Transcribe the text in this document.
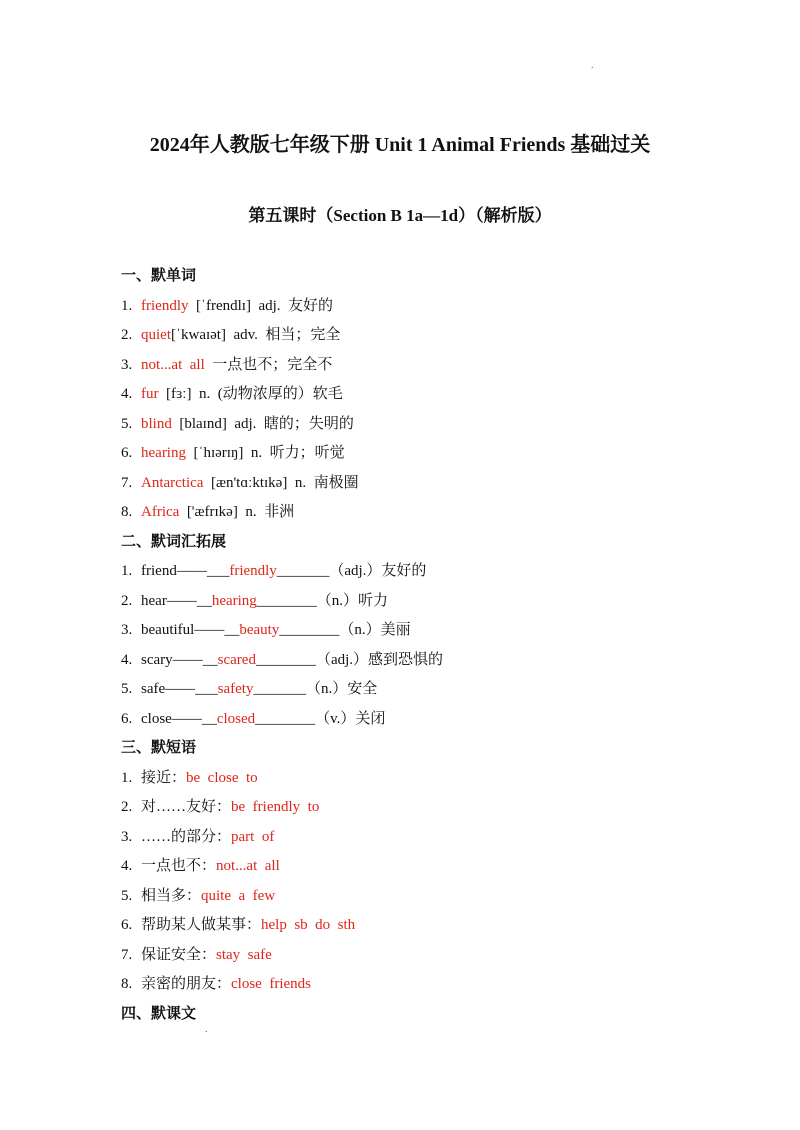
.
2024年人教版七年级下册 Unit 1 Animal Friends 基础过关
第五课时（Section B 1a—1d）（解析版）
一、默单词
1. friendly  [ˈfrendlɪ]  adj.  友好的
2. quiet[ˈkwaɪət]  adv.  相当；完全
3. not...at  all  一点也不；完全不
4. fur  [fɜː]  n.  (动物浓厚的）软毛
5. blind  [blaɪnd]  adj.  瞎的；失明的
6. hearing  [ˈhɪərɪŋ]  n.  听力；听觉
7. Antarctica  [æn'tɑːktɪkə]  n.  南极圈
8. Africa  ['æfrɪkə]  n.  非洲
二、默词汇拓展
1. friend——___friendly_______（adj.）友好的
2. hear——__hearing________（n.）听力
3. beautiful——__beauty________（n.）美丽
4. scary——__scared________（adj.）感到恐惧的
5. safe——___safety_______（n.）安全
6. close——__closed________（v.）关闭
三、默短语
1. 接近：be  close  to
2. 对……友好：be  friendly  to
3. ……的部分：part  of
4. 一点也不：not...at  all
5. 相当多：quite  a  few
6. 帮助某人做某事：help  sb  do  sth
7. 保证安全：stay  safe
8. 亲密的朋友：close  friends
四、默课文
.
